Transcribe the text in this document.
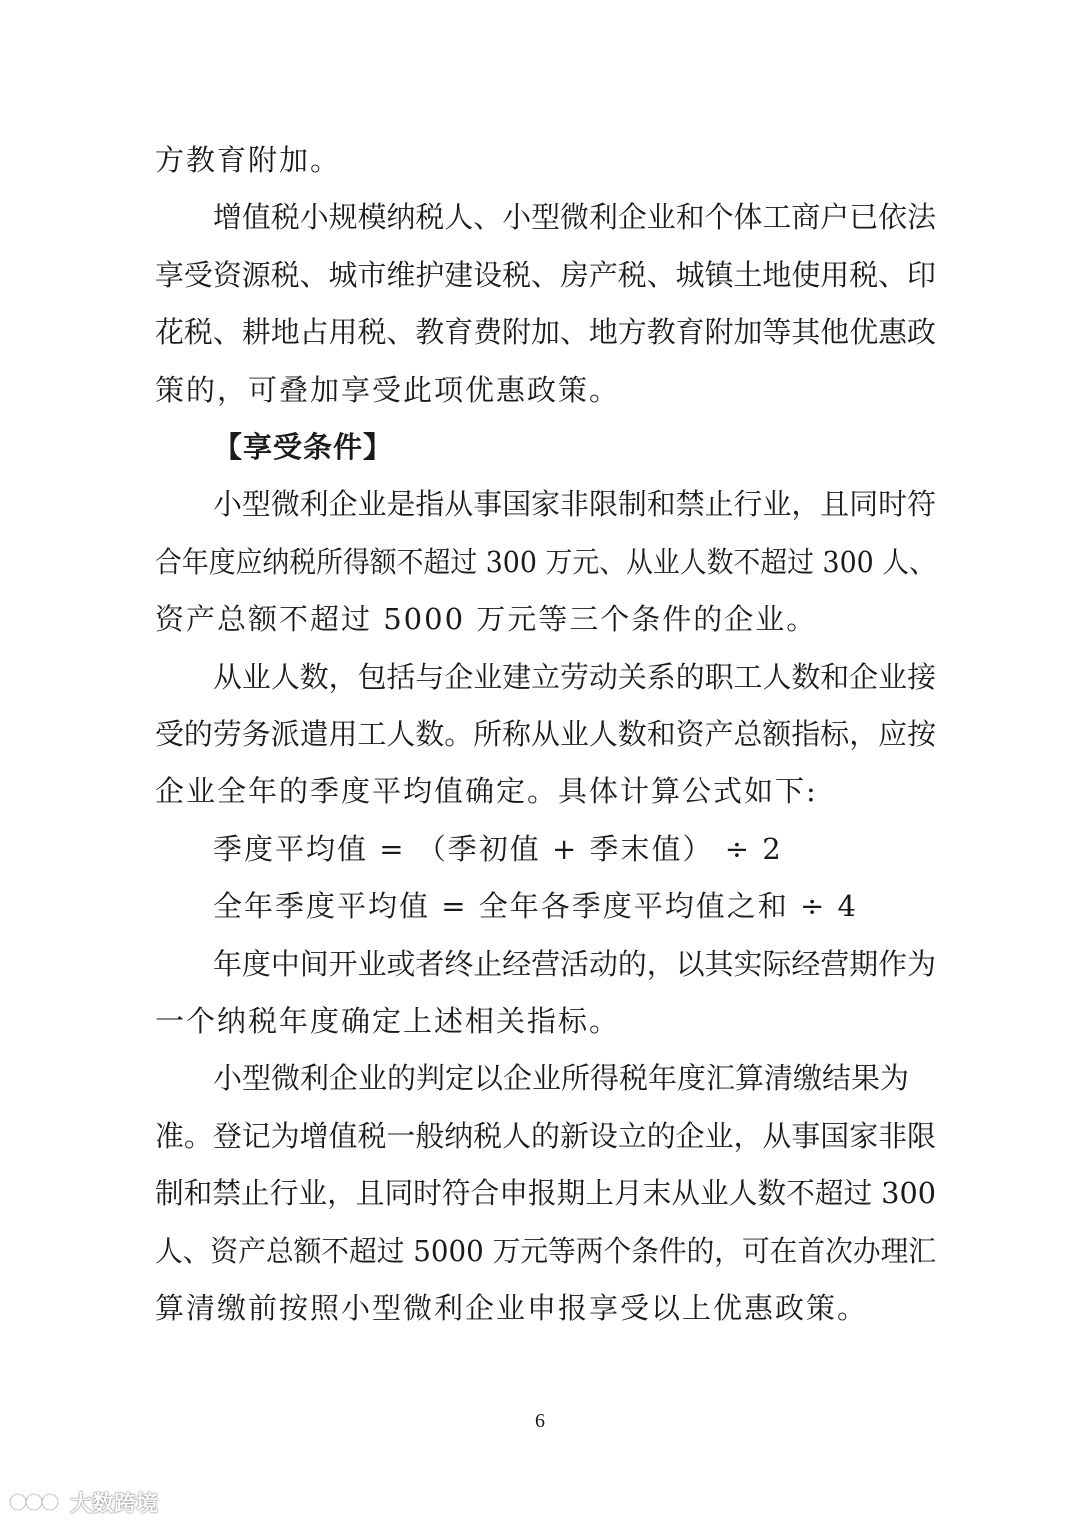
方教育附加。
增值税小规模纳税人、小型微利企业和个体工商户已依法
享受资源税、城市维护建设税、房产税、城镇土地使用税、印
花税、耕地占用税、教育费附加、地方教育附加等其他优惠政
策的，可叠加享受此项优惠政策。
【享受条件】
小型微利企业是指从事国家非限制和禁止行业，且同时符
合年度应纳税所得额不超过 300 万元、从业人数不超过 300 人、
资产总额不超过 5000 万元等三个条件的企业。
从业人数，包括与企业建立劳动关系的职工人数和企业接
受的劳务派遣用工人数。所称从业人数和资产总额指标，应按
企业全年的季度平均值确定。具体计算公式如下:
季度平均值 = （季初值 + 季末值） ÷ 2
全年季度平均值 = 全年各季度平均值之和 ÷ 4
年度中间开业或者终止经营活动的，以其实际经营期作为
一个纳税年度确定上述相关指标。
小型微利企业的判定以企业所得税年度汇算清缴结果为
准。登记为增值税一般纳税人的新设立的企业，从事国家非限
制和禁止行业，且同时符合申报期上月末从业人数不超过 300
人、资产总额不超过 5000 万元等两个条件的，可在首次办理汇
算清缴前按照小型微利企业申报享受以上优惠政策。
6
大数跨境
